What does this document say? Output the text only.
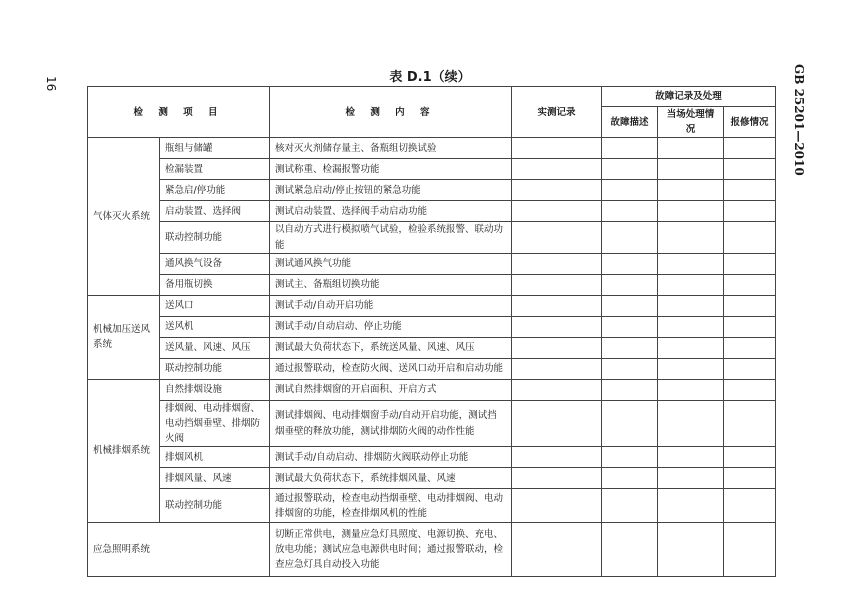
16	GB 25201—2010
表 D.1（续）
检 测 项 目		检 测 内 容	实测记录	故障记录及处理		
				故障描述	当场处理情况	报修情况
气体灭火系统	瓶组与储罐	核对灭火剂储存量主、备瓶组切换试验				
	检漏装置	测试称重、检漏报警功能				
	紧急启/停功能	测试紧急启动/停止按钮的紧急功能				
	启动装置、选择阀	测试启动装置、选择阀手动启动功能				
	联动控制功能	以自动方式进行模拟喷气试验，检验系统报警、联动功能				
	通风换气设备	测试通风换气功能				
	备用瓶切换	测试主、备瓶组切换功能				
机械加压送风系统	送风口	测试手动/自动开启功能				
	送风机	测试手动/自动启动、停止功能				
	送风量、风速、风压	测试最大负荷状态下，系统送风量、风速、风压				
	联动控制功能	通过报警联动，检查防火阀、送风口动开启和启动功能				
机械排烟系统	自然排烟设施	测试自然排烟窗的开启面积、开启方式				
	排烟阀、电动排烟窗、电动挡烟垂壁、排烟防火阀	测试排烟阀、电动排烟窗手动/自动开启功能，测试挡烟垂壁的释放功能，测试排烟防火阀的动作性能				
	排烟风机	测试手动/自动启动、排烟防火阀联动停止功能				
	排烟风量、风速	测试最大负荷状态下，系统排烟风量、风速				
	联动控制功能	通过报警联动，检查电动挡烟垂壁、电动排烟阀、电动排烟窗的功能，检查排烟风机的性能				
应急照明系统		切断正常供电，测量应急灯具照度、电源切换、充电、放电功能；测试应急电源供电时间；通过报警联动，检查应急灯具自动投入功能				
